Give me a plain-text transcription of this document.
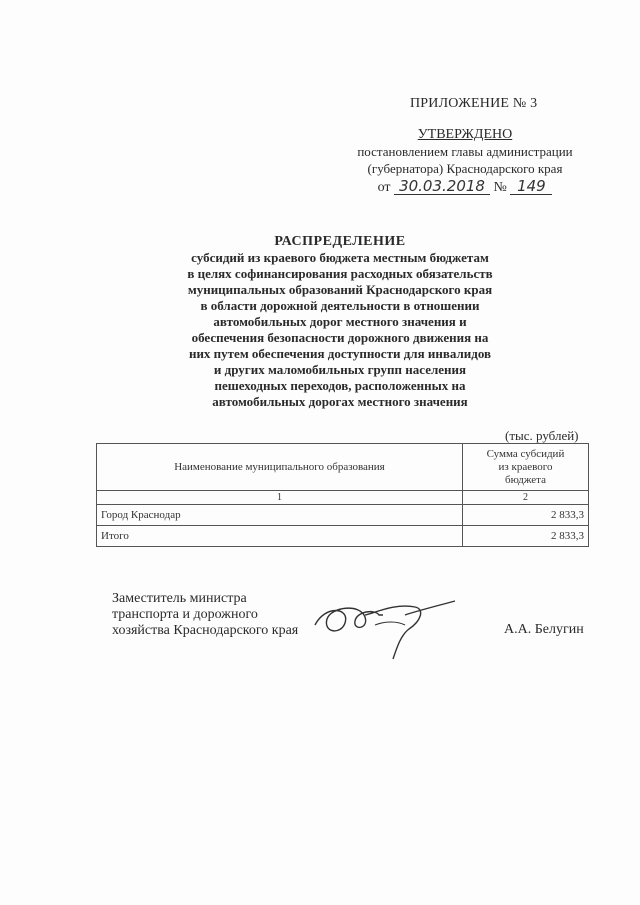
ПРИЛОЖЕНИЕ № 3
УТВЕРЖДЕНО
постановлением главы администрации
(губернатора) Краснодарского края
от 30.03.2018 № 149
РАСПРЕДЕЛЕНИЕ
субсидий из краевого бюджета местным бюджетам
в целях софинансирования расходных обязательств
муниципальных образований Краснодарского края
в области дорожной деятельности в отношении
автомобильных дорог местного значения и
обеспечения безопасности дорожного движения на
них путем обеспечения доступности для инвалидов
и других маломобильных групп населения
пешеходных переходов, расположенных на
автомобильных дорогах местного значения
(тыс. рублей)
Наименование муниципального образования	Сумма субсидий
из краевого
бюджета

1	2
Город Краснодар	2 833,3
Итого	2 833,3
Заместитель министра
транспорта и дорожного
хозяйства Краснодарского края	А.А. Белугин
